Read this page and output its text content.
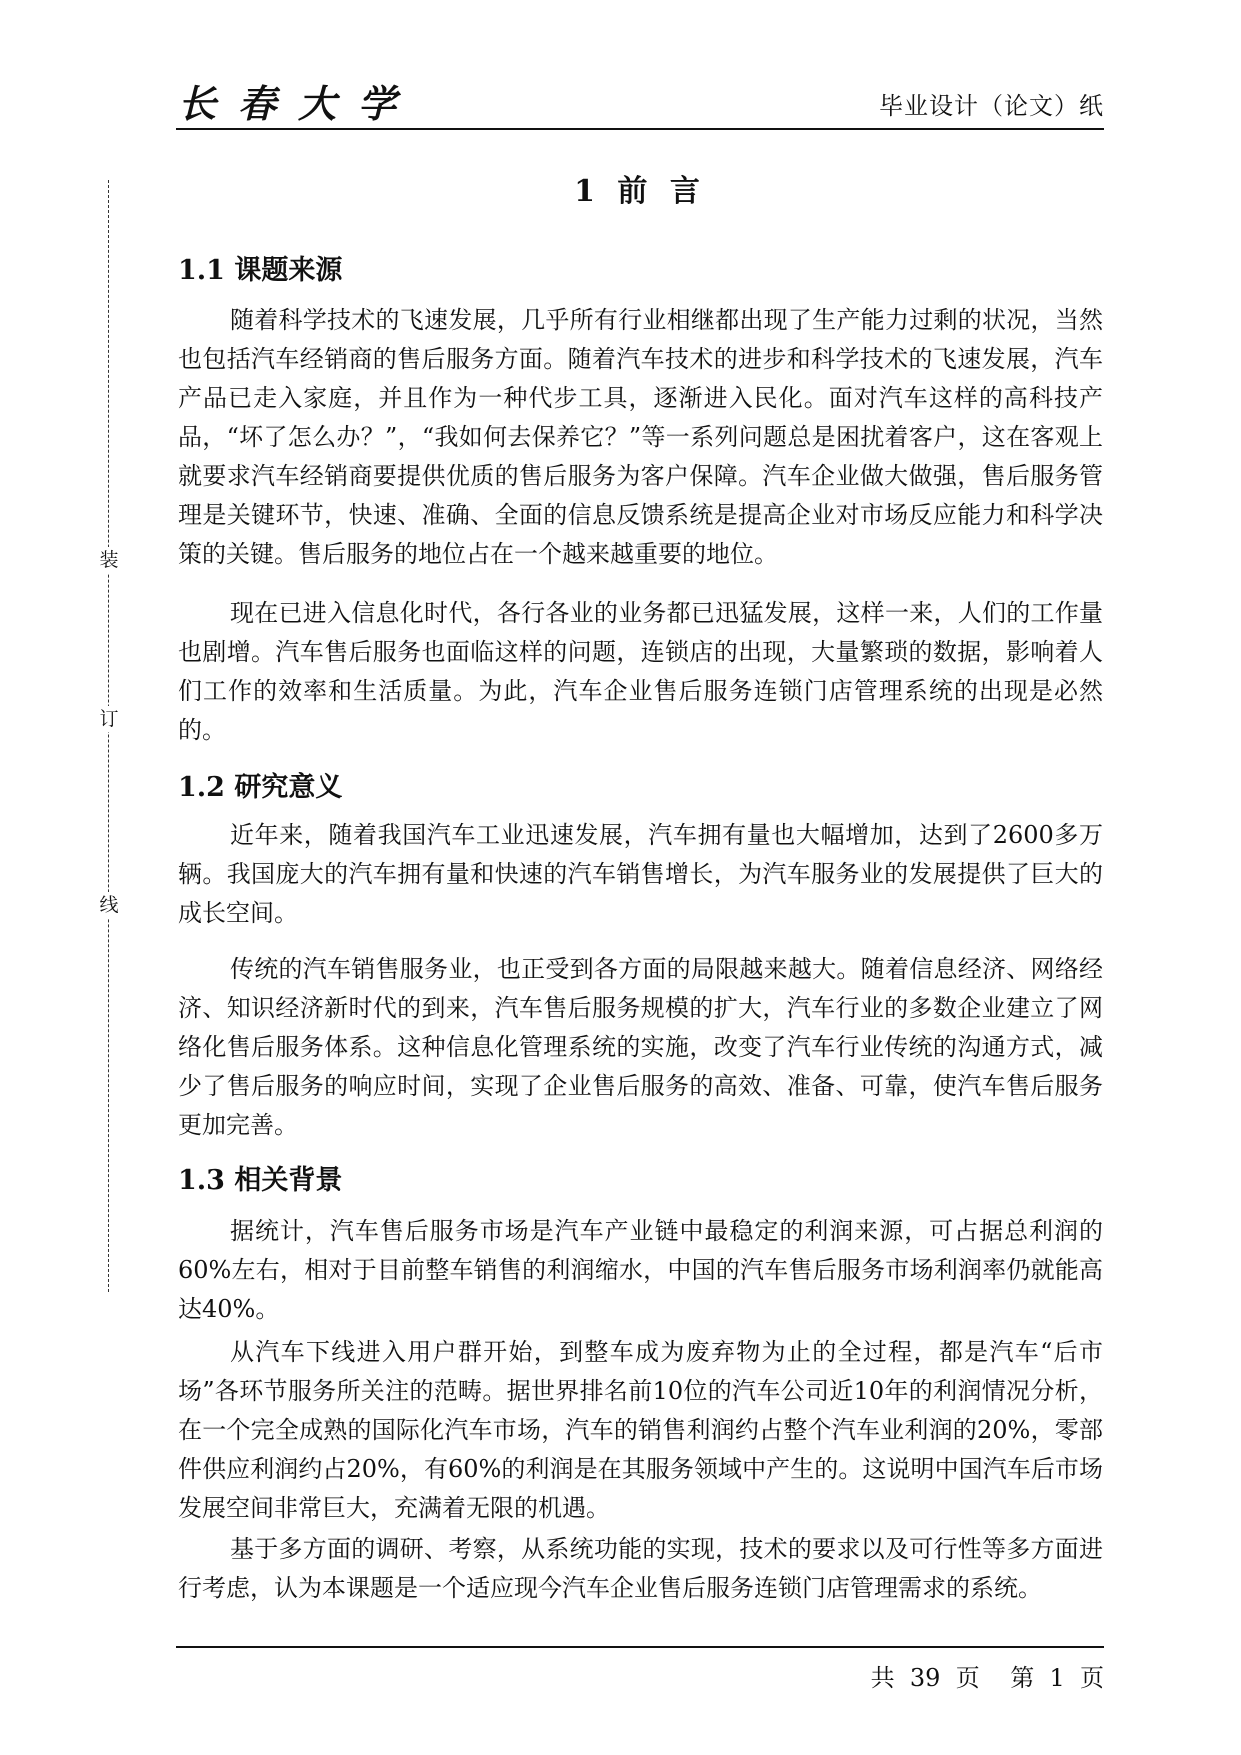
长春大学	毕业设计（论文）纸
装
订
线
1 前 言
1.1 课题来源

随着科学技术的飞速发展，几乎所有行业相继都出现了生产能力过剩的状况，当然也包括汽车经销商的售后服务方面。随着汽车技术的进步和科学技术的飞速发展，汽车产品已走入家庭，并且作为一种代步工具，逐渐进入民化。面对汽车这样的高科技产品，“坏了怎么办？”，“我如何去保养它？”等一系列问题总是困扰着客户，这在客观上就要求汽车经销商要提供优质的售后服务为客户保障。汽车企业做大做强，售后服务管理是关键环节，快速、准确、全面的信息反馈系统是提高企业对市场反应能力和科学决策的关键。售后服务的地位占在一个越来越重要的地位。

现在已进入信息化时代，各行各业的业务都已迅猛发展，这样一来，人们的工作量也剧增。汽车售后服务也面临这样的问题，连锁店的出现，大量繁琐的数据，影响着人们工作的效率和生活质量。为此，汽车企业售后服务连锁门店管理系统的出现是必然的。

1.2 研究意义

近年来，随着我国汽车工业迅速发展，汽车拥有量也大幅增加，达到了2600多万辆。我国庞大的汽车拥有量和快速的汽车销售增长，为汽车服务业的发展提供了巨大的成长空间。

传统的汽车销售服务业，也正受到各方面的局限越来越大。随着信息经济、网络经济、知识经济新时代的到来，汽车售后服务规模的扩大，汽车行业的多数企业建立了网络化售后服务体系。这种信息化管理系统的实施，改变了汽车行业传统的沟通方式，减少了售后服务的响应时间，实现了企业售后服务的高效、准备、可靠，使汽车售后服务更加完善。

1.3 相关背景

据统计，汽车售后服务市场是汽车产业链中最稳定的利润来源，可占据总利润的60%左右，相对于目前整车销售的利润缩水，中国的汽车售后服务市场利润率仍就能高达40%。

从汽车下线进入用户群开始，到整车成为废弃物为止的全过程，都是汽车“后市场”各环节服务所关注的范畴。据世界排名前10位的汽车公司近10年的利润情况分析，在一个完全成熟的国际化汽车市场，汽车的销售利润约占整个汽车业利润的20%，零部件供应利润约占20%，有60%的利润是在其服务领域中产生的。这说明中国汽车后市场发展空间非常巨大，充满着无限的机遇。

基于多方面的调研、考察，从系统功能的实现，技术的要求以及可行性等多方面进行考虑，认为本课题是一个适应现今汽车企业售后服务连锁门店管理需求的系统。

共  39  页    第  1  页
